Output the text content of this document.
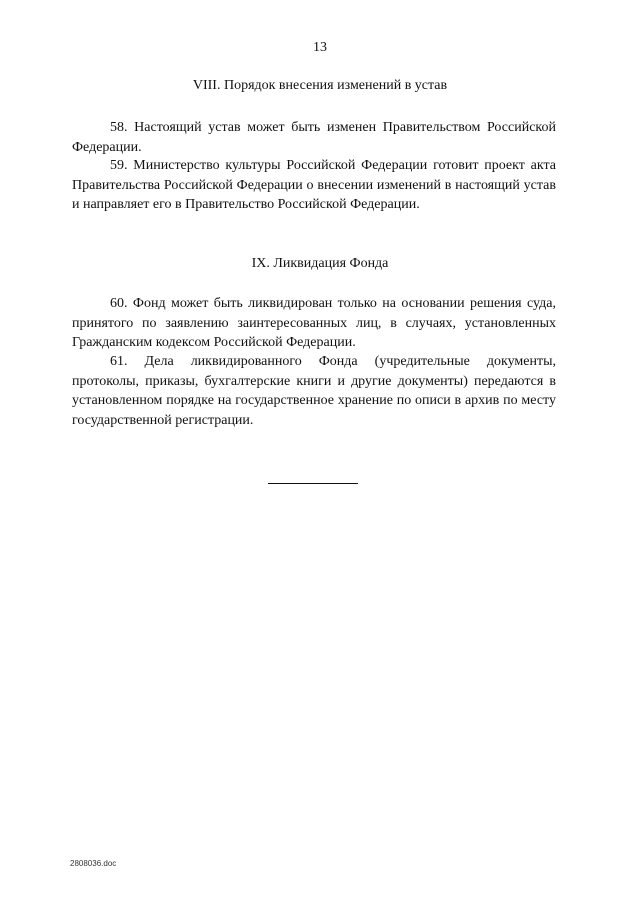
13
VIII. Порядок внесения изменений в устав

58. Настоящий устав может быть изменен Правительством Российской Федерации.

59. Министерство культуры Российской Федерации готовит проект акта Правительства Российской Федерации о внесении изменений в настоящий устав и направляет его в Правительство Российской Федерации.

IX. Ликвидация Фонда

60. Фонд может быть ликвидирован только на основании решения суда, принятого по заявлению заинтересованных лиц, в случаях, установленных Гражданским кодексом Российской Федерации.

61. Дела ликвидированного Фонда (учредительные документы, протоколы, приказы, бухгалтерские книги и другие документы) передаются в установленном порядке на государственное хранение по описи в архив по месту государственной регистрации.

2808036.doc
